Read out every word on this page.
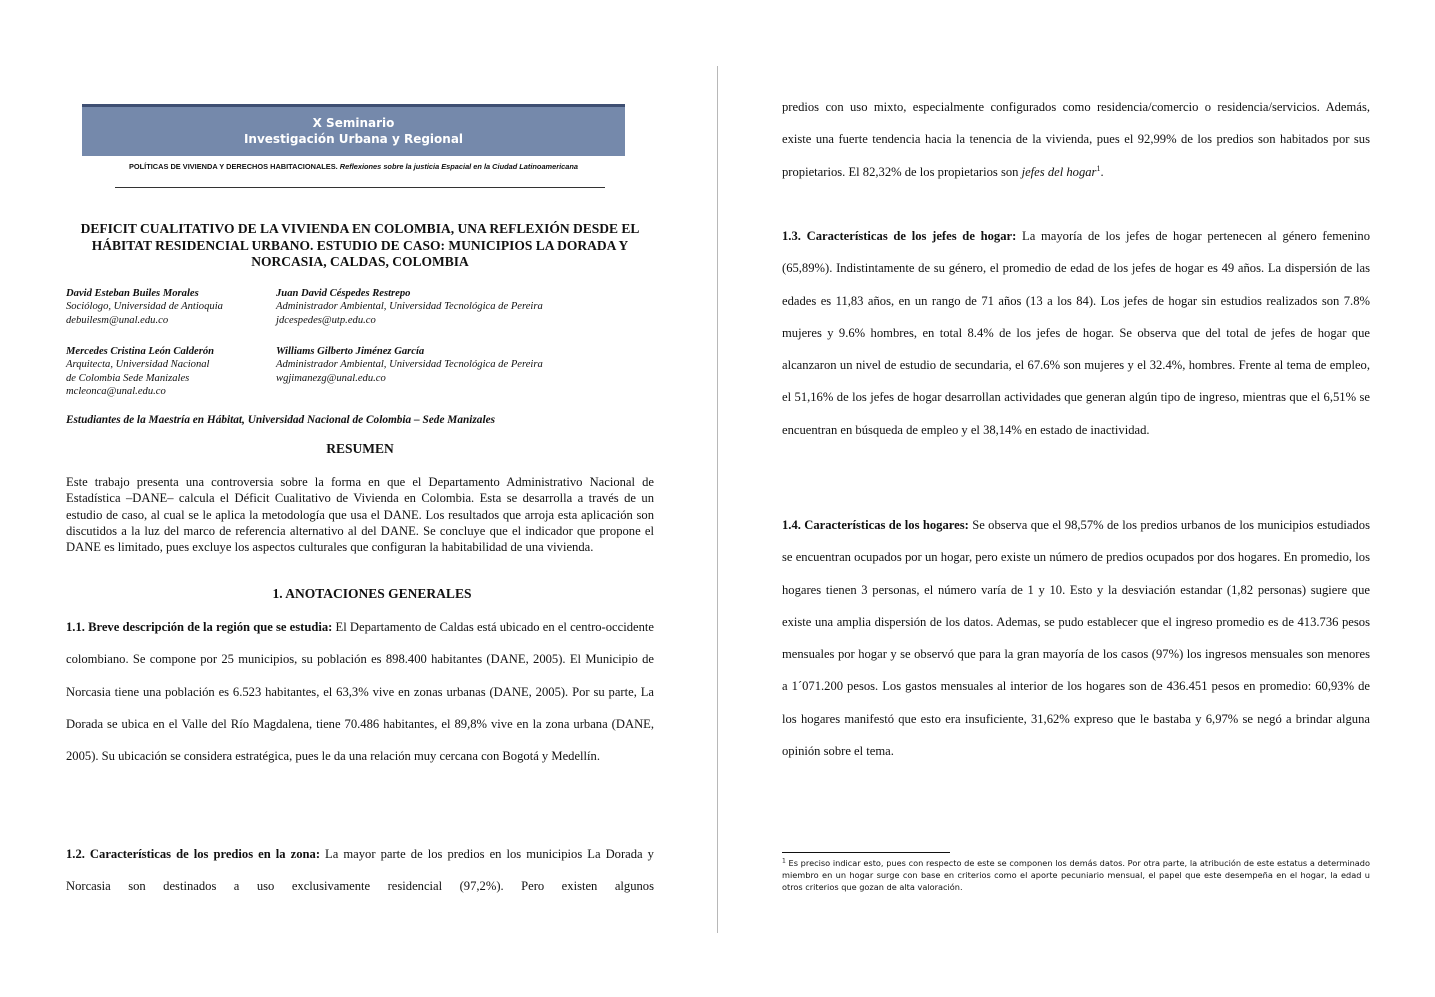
X Seminario
Investigación Urbana y Regional
POLÍTICAS DE VIVIENDA Y DERECHOS HABITACIONALES. Reflexiones sobre la justicia Espacial en la Ciudad Latinoamericana
DEFICIT CUALITATIVO DE LA VIVIENDA EN COLOMBIA, UNA REFLEXIÓN DESDE EL HÁBITAT RESIDENCIAL URBANO. ESTUDIO DE CASO: MUNICIPIOS LA DORADA Y NORCASIA, CALDAS, COLOMBIA
David Esteban Builes Morales
Sociólogo, Universidad de Antioquia
debuilesm@unal.edu.co
Juan David Céspedes Restrepo
Administrador Ambiental, Universidad Tecnológica de Pereira
jdcespedes@utp.edu.co
Mercedes Cristina León Calderón
Arquitecta, Universidad Nacional
de Colombia Sede Manizales
mcleonca@unal.edu.co
Williams Gilberto Jiménez García
Administrador Ambiental, Universidad Tecnológica de Pereira
wgjimanezg@unal.edu.co
Estudiantes de la Maestría en Hábitat, Universidad Nacional de Colombia – Sede Manizales
RESUMEN
Este trabajo presenta una controversia sobre la forma en que el Departamento Administrativo Nacional de Estadística –DANE– calcula el Déficit Cualitativo de Vivienda en Colombia. Esta se desarrolla a través de un estudio de caso, al cual se le aplica la metodología que usa el DANE. Los resultados que arroja esta aplicación son discutidos a la luz del marco de referencia alternativo al del DANE. Se concluye que el indicador que propone el DANE es limitado, pues excluye los aspectos culturales que configuran la habitabilidad de una vivienda.
1. ANOTACIONES GENERALES

1.1. Breve descripción de la región que se estudia: El Departamento de Caldas está ubicado en el centro-occidente colombiano. Se compone por 25 municipios, su población es 898.400 habitantes (DANE, 2005). El Municipio de Norcasia tiene una población es 6.523 habitantes, el 63,3% vive en zonas urbanas (DANE, 2005). Por su parte, La Dorada se ubica en el Valle del Río Magdalena, tiene 70.486 habitantes, el 89,8% vive en la zona urbana (DANE, 2005). Su ubicación se considera estratégica, pues le da una relación muy cercana con Bogotá y Medellín.

1.2. Características de los predios en la zona: La mayor parte de los predios en los municipios La Dorada y Norcasia son destinados a uso exclusivamente residencial (97,2%). Pero existen algunos

predios con uso mixto, especialmente configurados como residencia/comercio o residencia/servicios. Además, existe una fuerte tendencia hacia la tenencia de la vivienda, pues el 92,99% de los predios son habitados por sus propietarios. El 82,32% de los propietarios son jefes del hogar$^1$.

1.3. Características de los jefes de hogar: La mayoría de los jefes de hogar pertenecen al género femenino (65,89%). Indistintamente de su género, el promedio de edad de los jefes de hogar es 49 años. La dispersión de las edades es 11,83 años, en un rango de 71 años (13 a los 84). Los jefes de hogar sin estudios realizados son 7.8% mujeres y 9.6% hombres, en total 8.4% de los jefes de hogar. Se observa que del total de jefes de hogar que alcanzaron un nivel de estudio de secundaria, el 67.6% son mujeres y el 32.4%, hombres. Frente al tema de empleo, el 51,16% de los jefes de hogar desarrollan actividades que generan algún tipo de ingreso, mientras que el 6,51% se encuentran en búsqueda de empleo y el 38,14% en estado de inactividad.

1.4. Características de los hogares: Se observa que el 98,57% de los predios urbanos de los municipios estudiados se encuentran ocupados por un hogar, pero existe un número de predios ocupados por dos hogares. En promedio, los hogares tienen 3 personas, el número varía de 1 y 10. Esto y la desviación estandar (1,82 personas) sugiere que existe una amplia dispersión de los datos. Ademas, se pudo establecer que el ingreso promedio es de 413.736 pesos mensuales por hogar y se observó que para la gran mayoría de los casos (97%) los ingresos mensuales son menores a 1´071.200 pesos. Los gastos mensuales al interior de los hogares son de 436.451 pesos en promedio: 60,93% de los hogares manifestó que esto era insuficiente, 31,62% expreso que le bastaba y 6,97% se negó a brindar alguna opinión sobre el tema.

$^1$ Es preciso indicar esto, pues con respecto de este se componen los demás datos. Por otra parte, la atribución de este estatus a determinado miembro en un hogar surge con base en criterios como el aporte pecuniario mensual, el papel que este desempeña en el hogar, la edad u otros criterios que gozan de alta valoración.
